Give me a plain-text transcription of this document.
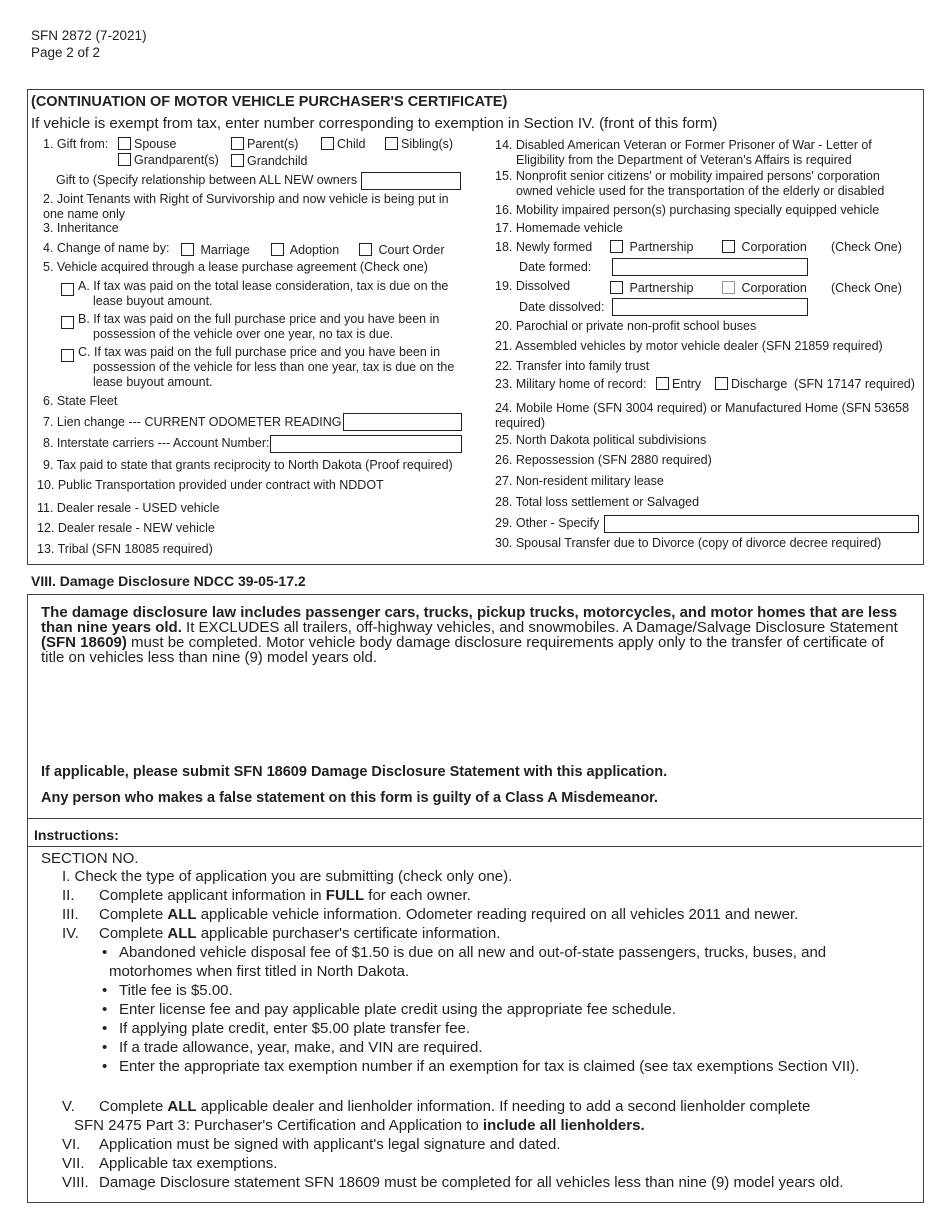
SFN 2872 (7-2021)
Page 2 of 2
(CONTINUATION OF MOTOR VEHICLE PURCHASER'S CERTIFICATE)
If vehicle is exempt from tax, enter number corresponding to exemption in Section IV. (front of this form)
1. Gift from:	Spouse	Parent(s)	Child	Sibling(s)
Grandparent(s)	Grandchild
Gift to (Specify relationship between ALL NEW owners
2. Joint Tenants with Right of Survivorship and now vehicle is being put in one name only
3. Inheritance
4. Change of name by:	Marriage	Adoption	Court Order
5. Vehicle acquired through a lease purchase agreement (Check one)
A. If tax was paid on the total lease consideration, tax is due on the lease buyout amount.
B. If tax was paid on the full purchase price and you have been in possession of the vehicle over one year, no tax is due.
C. If tax was paid on the full purchase price and you have been in possession of the vehicle for less than one year, tax is due on the lease buyout amount.
6. State Fleet
7. Lien change --- CURRENT ODOMETER READING
8. Interstate carriers --- Account Number:
9. Tax paid to state that grants reciprocity to North Dakota (Proof required)
10. Public Transportation provided under contract with NDDOT
11. Dealer resale - USED vehicle
12. Dealer resale - NEW vehicle
13. Tribal (SFN 18085 required)
14. Disabled American Veteran or Former Prisoner of War - Letter of Eligibility from the Department of Veteran's Affairs is required
15. Nonprofit senior citizens' or mobility impaired persons' corporation owned vehicle used for the transportation of the elderly or disabled
16. Mobility impaired person(s) purchasing specially equipped vehicle
17. Homemade vehicle
18. Newly formed	Partnership	Corporation (Check One)
Date formed:
19. Dissolved	Partnership	Corporation (Check One)
Date dissolved:
20. Parochial or private non-profit school buses
21. Assembled vehicles by motor vehicle dealer (SFN 21859 required)
22. Transfer into family trust
23. Military home of record:	Entry	Discharge (SFN 17147 required)
24. Mobile Home (SFN 3004 required) or Manufactured Home (SFN 53658 required)
25. North Dakota political subdivisions
26. Repossession (SFN 2880 required)
27. Non-resident military lease
28. Total loss settlement or Salvaged
29. Other - Specify
30. Spousal Transfer due to Divorce (copy of divorce decree required)
VIII. Damage Disclosure NDCC 39-05-17.2
The damage disclosure law includes passenger cars, trucks, pickup trucks, motorcycles, and motor homes that are less than nine years old. It EXCLUDES all trailers, off-highway vehicles, and snowmobiles. A Damage/Salvage Disclosure Statement (SFN 18609) must be completed. Motor vehicle body damage disclosure requirements apply only to the transfer of certificate of title on vehicles less than nine (9) model years old.
If applicable, please submit SFN 18609 Damage Disclosure Statement with this application.
Any person who makes a false statement on this form is guilty of a Class A Misdemeanor.
Instructions:
SECTION NO.
I. Check the type of application you are submitting (check only one).
II. Complete applicant information in FULL for each owner.
III. Complete ALL applicable vehicle information. Odometer reading required on all vehicles 2011 and newer.
IV. Complete ALL applicable purchaser's certificate information.
• Abandoned vehicle disposal fee of $1.50 is due on all new and out-of-state passengers, trucks, buses, and motorhomes when first titled in North Dakota.
• Title fee is $5.00.
• Enter license fee and pay applicable plate credit using the appropriate fee schedule.
• If applying plate credit, enter $5.00 plate transfer fee.
• If a trade allowance, year, make, and VIN are required.
• Enter the appropriate tax exemption number if an exemption for tax is claimed (see tax exemptions Section VII).
V. Complete ALL applicable dealer and lienholder information. If needing to add a second lienholder complete
SFN 2475 Part 3: Purchaser's Certification and Application to include all lienholders.
VI. Application must be signed with applicant's legal signature and dated.
VII. Applicable tax exemptions.
VIII. Damage Disclosure statement SFN 18609 must be completed for all vehicles less than nine (9) model years old.
